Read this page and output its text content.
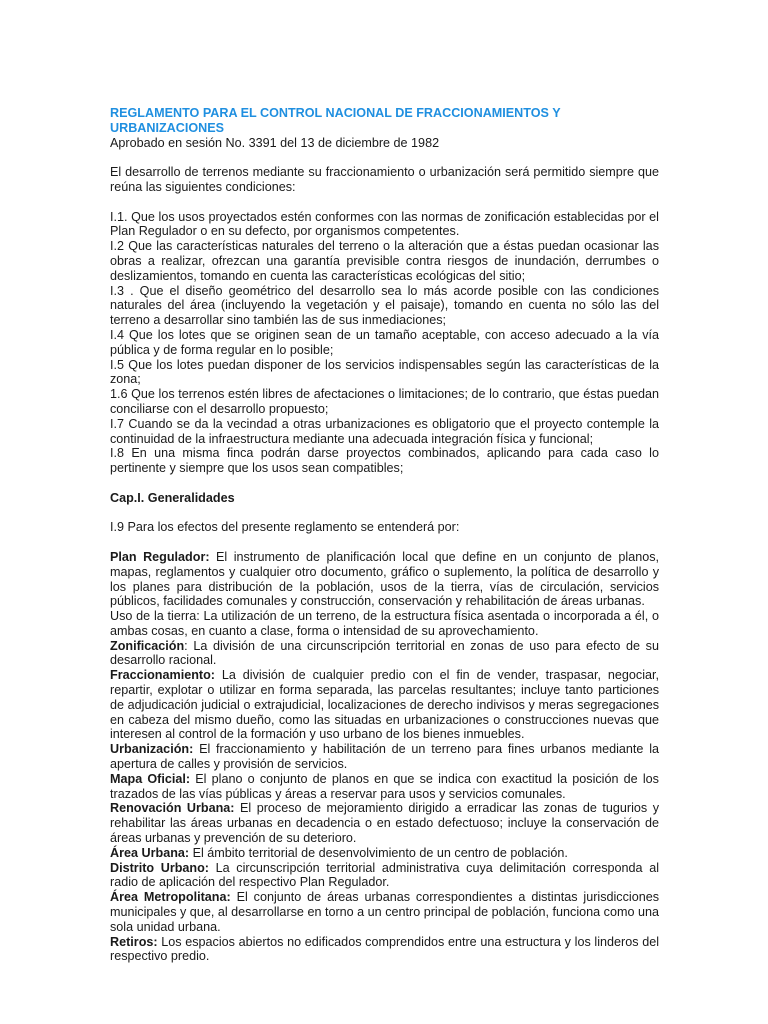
REGLAMENTO PARA EL CONTROL NACIONAL DE FRACCIONAMIENTOS Y URBANIZACIONES

Aprobado en sesión No. 3391 del 13 de diciembre de 1982

El desarrollo de terrenos mediante su fraccionamiento o urbanización será permitido siempre que reúna las siguientes condiciones:

I.1. Que los usos proyectados estén conformes con las normas de zonificación establecidas por el Plan Regulador o en su defecto, por organismos competentes.

I.2 Que las características naturales del terreno o la alteración que a éstas puedan ocasionar las obras a realizar, ofrezcan una garantía previsible contra riesgos de inundación, derrumbes o deslizamientos, tomando en cuenta las características ecológicas del sitio;

I.3 . Que el diseño geométrico del desarrollo sea lo más acorde posible con las condiciones naturales del área (incluyendo la vegetación y el paisaje), tomando en cuenta no sólo las del terreno a desarrollar sino también las de sus inmediaciones;

I.4 Que los lotes que se originen sean de un tamaño aceptable, con acceso adecuado a la vía pública y de forma regular en lo posible;

I.5 Que los lotes puedan disponer de los servicios indispensables según las características de la zona;

1.6 Que los terrenos estén libres de afectaciones o limitaciones; de lo contrario, que éstas puedan conciliarse con el desarrollo propuesto;

I.7 Cuando se da la vecindad a otras urbanizaciones es obligatorio que el proyecto contemple la continuidad de la infraestructura mediante una adecuada integración física y funcional;

I.8 En una misma finca podrán darse proyectos combinados, aplicando para cada caso lo pertinente y siempre que los usos sean compatibles;

Cap.I. Generalidades

I.9 Para los efectos del presente reglamento se entenderá por:

Plan Regulador: El instrumento de planificación local que define en un conjunto de planos, mapas, reglamentos y cualquier otro documento, gráfico o suplemento, la política de desarrollo y los planes para distribución de la población, usos de la tierra, vías de circulación, servicios públicos, facilidades comunales y construcción, conservación y rehabilitación de áreas urbanas.

Uso de la tierra: La utilización de un terreno, de la estructura física asentada o incorporada a él, o ambas cosas, en cuanto a clase, forma o intensidad de su aprovechamiento.

Zonificación: La división de una circunscripción territorial en zonas de uso para efecto de su desarrollo racional.

Fraccionamiento: La división de cualquier predio con el fin de vender, traspasar, negociar, repartir, explotar o utilizar en forma separada, las parcelas resultantes; incluye tanto particiones de adjudicación judicial o extrajudicial, localizaciones de derecho indivisos y meras segregaciones en cabeza del mismo dueño, como las situadas en urbanizaciones o construcciones nuevas que interesen al control de la formación y uso urbano de los bienes inmuebles.

Urbanización: El fraccionamiento y habilitación de un terreno para fines urbanos mediante la apertura de calles y provisión de servicios.

Mapa Oficial: El plano o conjunto de planos en que se indica con exactitud la posición de los trazados de las vías públicas y áreas a reservar para usos y servicios comunales.

Renovación Urbana: El proceso de mejoramiento dirigido a erradicar las zonas de tugurios y rehabilitar las áreas urbanas en decadencia o en estado defectuoso; incluye la conservación de áreas urbanas y prevención de su deterioro.

Área Urbana: El ámbito territorial de desenvolvimiento de un centro de población.

Distrito Urbano: La circunscripción territorial administrativa cuya delimitación corresponda al radio de aplicación del respectivo Plan Regulador.

Área Metropolitana: El conjunto de áreas urbanas correspondientes a distintas jurisdicciones municipales y que, al desarrollarse en torno a un centro principal de población, funciona como una sola unidad urbana.

Retiros: Los espacios abiertos no edificados comprendidos entre una estructura y los linderos del respectivo predio.
